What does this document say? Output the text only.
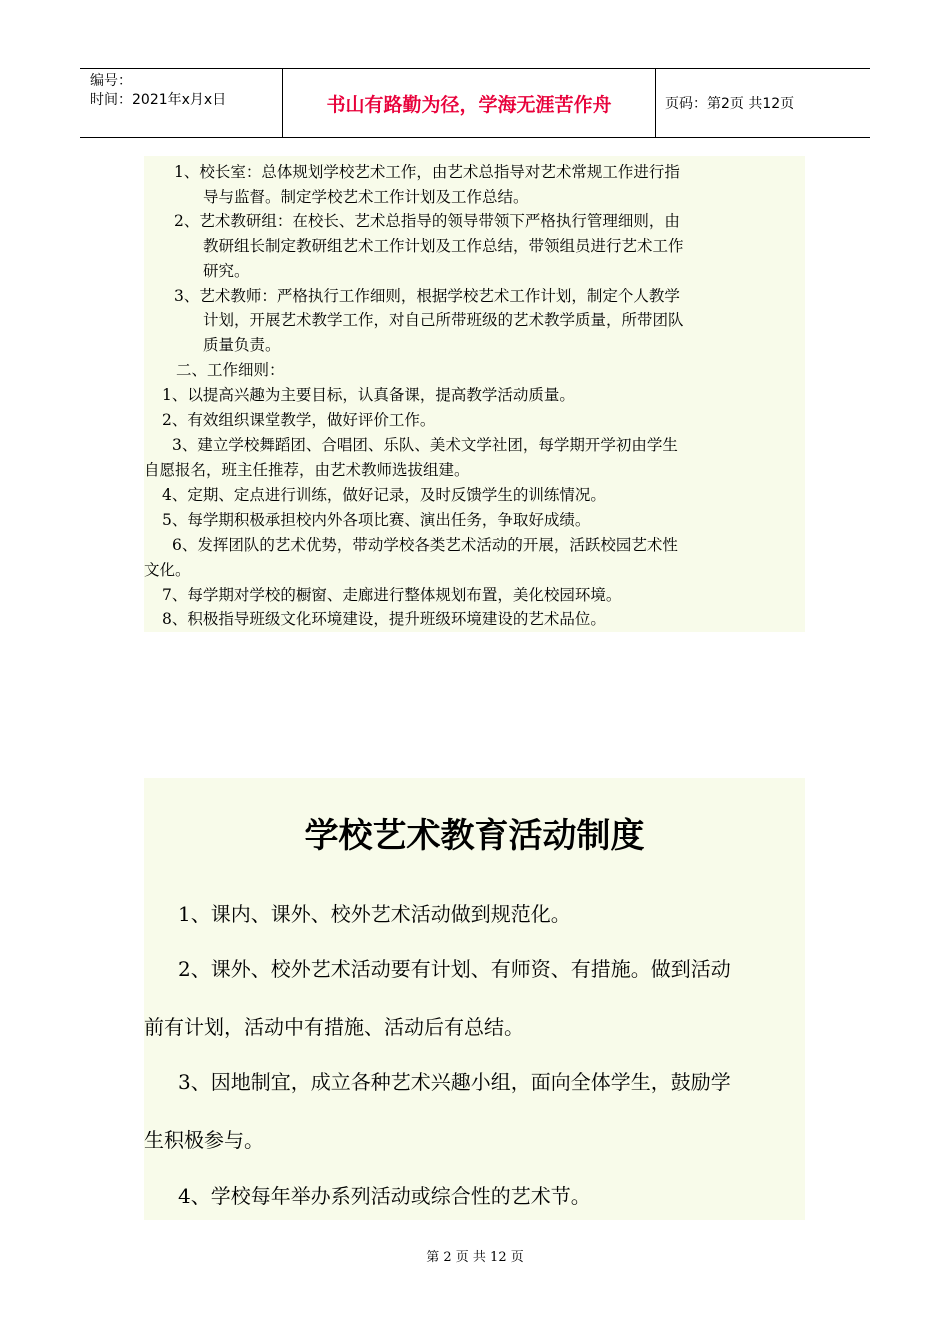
编号：
时间：2021年x月x日	书山有路勤为径，学海无涯苦作舟	页码：第2页 共12页
1、校长室：总体规划学校艺术工作，由艺术总指导对艺术常规工作进行指
导与监督。制定学校艺术工作计划及工作总结。
2、艺术教研组：在校长、艺术总指导的领导带领下严格执行管理细则，由
教研组长制定教研组艺术工作计划及工作总结，带领组员进行艺术工作
研究。
3、艺术教师：严格执行工作细则，根据学校艺术工作计划，制定个人教学
计划，开展艺术教学工作，对自己所带班级的艺术教学质量，所带团队
质量负责。
二、工作细则：
1、以提高兴趣为主要目标，认真备课，提高教学活动质量。
2、有效组织课堂教学，做好评价工作。
3、建立学校舞蹈团、合唱团、乐队、美术文学社团，每学期开学初由学生
自愿报名，班主任推荐，由艺术教师选拔组建。
4、定期、定点进行训练，做好记录，及时反馈学生的训练情况。
5、每学期积极承担校内外各项比赛、演出任务，争取好成绩。
6、发挥团队的艺术优势，带动学校各类艺术活动的开展，活跃校园艺术性
文化。
7、每学期对学校的橱窗、走廊进行整体规划布置，美化校园环境。
8、积极指导班级文化环境建设，提升班级环境建设的艺术品位。
学校艺术教育活动制度
1、课内、课外、校外艺术活动做到规范化。
2、课外、校外艺术活动要有计划、有师资、有措施。做到活动
前有计划，活动中有措施、活动后有总结。
3、因地制宜，成立各种艺术兴趣小组，面向全体学生，鼓励学
生积极参与。
4、学校每年举办系列活动或综合性的艺术节。
第 2 页 共 12 页
